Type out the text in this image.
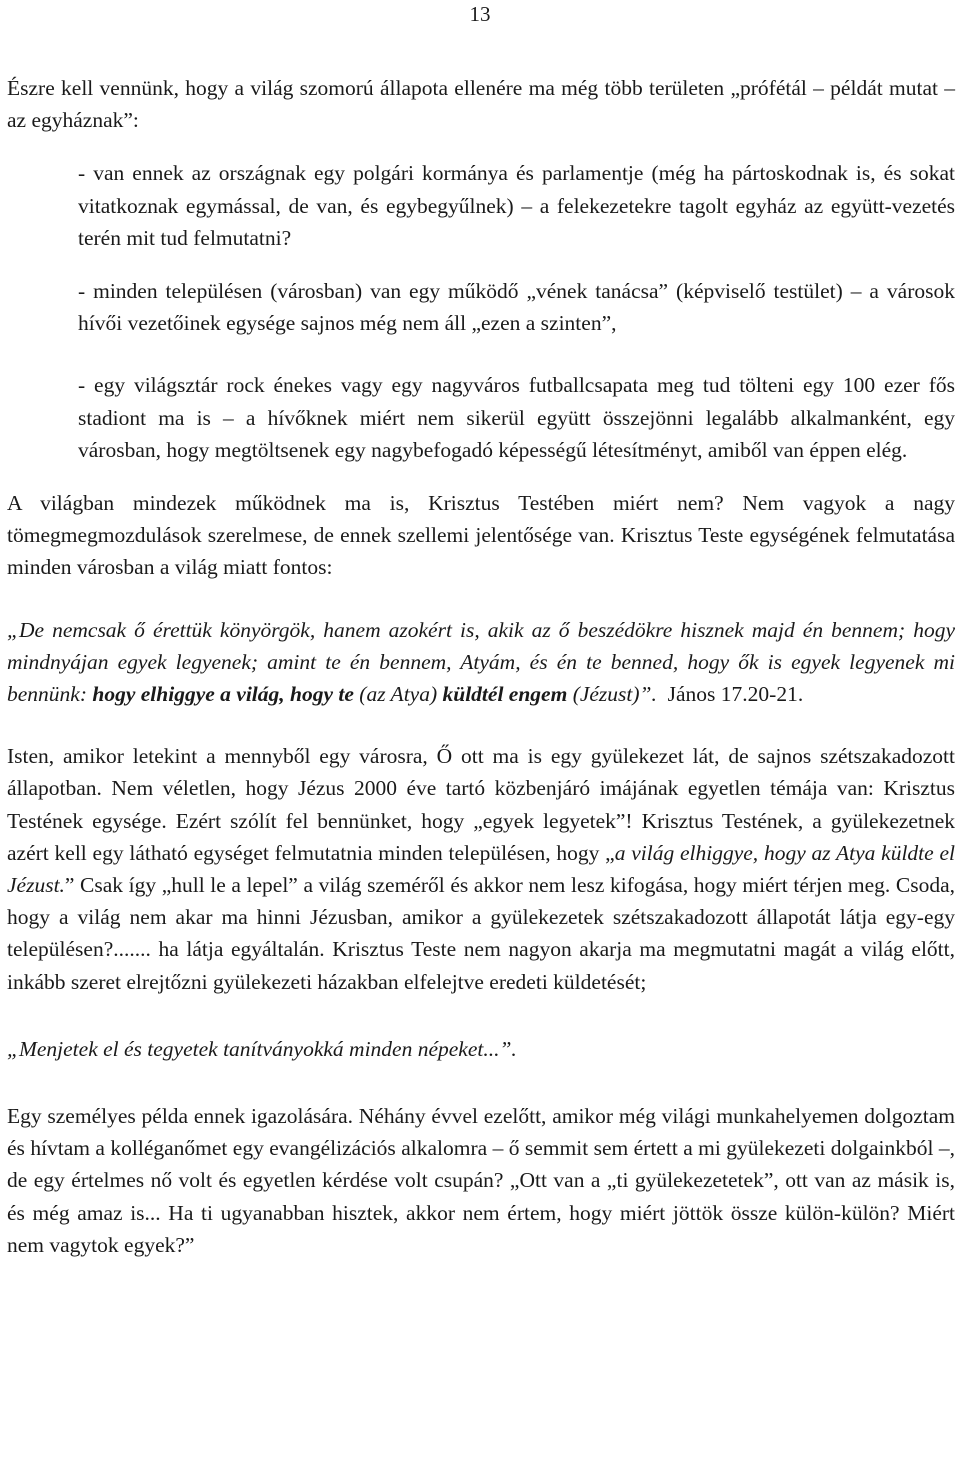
13

Észre kell vennünk, hogy a világ szomorú állapota ellenére ma még több területen „prófétál – példát mutat – az egyháznak”:

- van ennek az országnak egy polgári kormánya és parlamentje (még ha pártoskodnak is, és sokat vitatkoznak egymással, de van, és egybegyűlnek) – a felekezetekre tagolt egyház az együtt-vezetés terén mit tud felmutatni?

- minden településen (városban) van egy működő „vének tanácsa” (képviselő testület) – a városok hívői vezetőinek egysége sajnos még nem áll „ezen a szinten”,

- egy világsztár rock énekes vagy egy nagyváros futballcsapata meg tud tölteni egy 100 ezer fős stadiont ma is – a hívőknek miért nem sikerül együtt összejönni legalább alkalmanként, egy városban, hogy megtöltsenek egy nagybefogadó képességű létesítményt, amiből van éppen elég.

A világban mindezek működnek ma is, Krisztus Testében miért nem? Nem vagyok a nagy tömegmegmozdulások szerelmese, de ennek szellemi jelentősége van. Krisztus Teste egységének felmutatása minden városban a világ miatt fontos:

„De nemcsak ő érettük könyörgök, hanem azokért is, akik az ő beszédökre hisznek majd én bennem; hogy mindnyájan egyek legyenek; amint te én bennem, Atyám, és én te benned, hogy ők is egyek legyenek mi bennünk: hogy elhiggye a világ, hogy te (az Atya) küldtél engem (Jézust)”.  János 17.20-21.

Isten, amikor letekint a mennyből egy városra, Ő ott ma is egy gyülekezet lát, de sajnos szétszakadozott állapotban. Nem véletlen, hogy Jézus 2000 éve tartó közbenjáró imájának egyetlen témája van: Krisztus Testének egysége. Ezért szólít fel bennünket, hogy „egyek legyetek”! Krisztus Testének, a gyülekezetnek azért kell egy látható egységet felmutatnia minden településen, hogy „a világ elhiggye, hogy az Atya küldte el Jézust.” Csak így „hull le a lepel” a világ szeméről és akkor nem lesz kifogása, hogy miért térjen meg. Csoda, hogy a világ nem akar ma hinni Jézusban, amikor a gyülekezetek szétszakadozott állapotát látja egy-egy településen?....... ha látja egyáltalán. Krisztus Teste nem nagyon akarja ma megmutatni magát a világ előtt, inkább szeret elrejtőzni gyülekezeti házakban elfelejtve eredeti küldetését;

„Menjetek el és tegyetek tanítványokká minden népeket...”.

Egy személyes példa ennek igazolására. Néhány évvel ezelőtt, amikor még világi munkahelyemen dolgoztam és hívtam a kolléganőmet egy evangélizációs alkalomra – ő semmit sem értett a mi gyülekezeti dolgainkból –, de egy értelmes nő volt és egyetlen kérdése volt csupán? „Ott van a „ti gyülekezetetek”, ott van az másik is, és még amaz is... Ha ti ugyanabban hisztek, akkor nem értem, hogy miért jöttök össze külön-külön? Miért nem vagytok egyek?”
